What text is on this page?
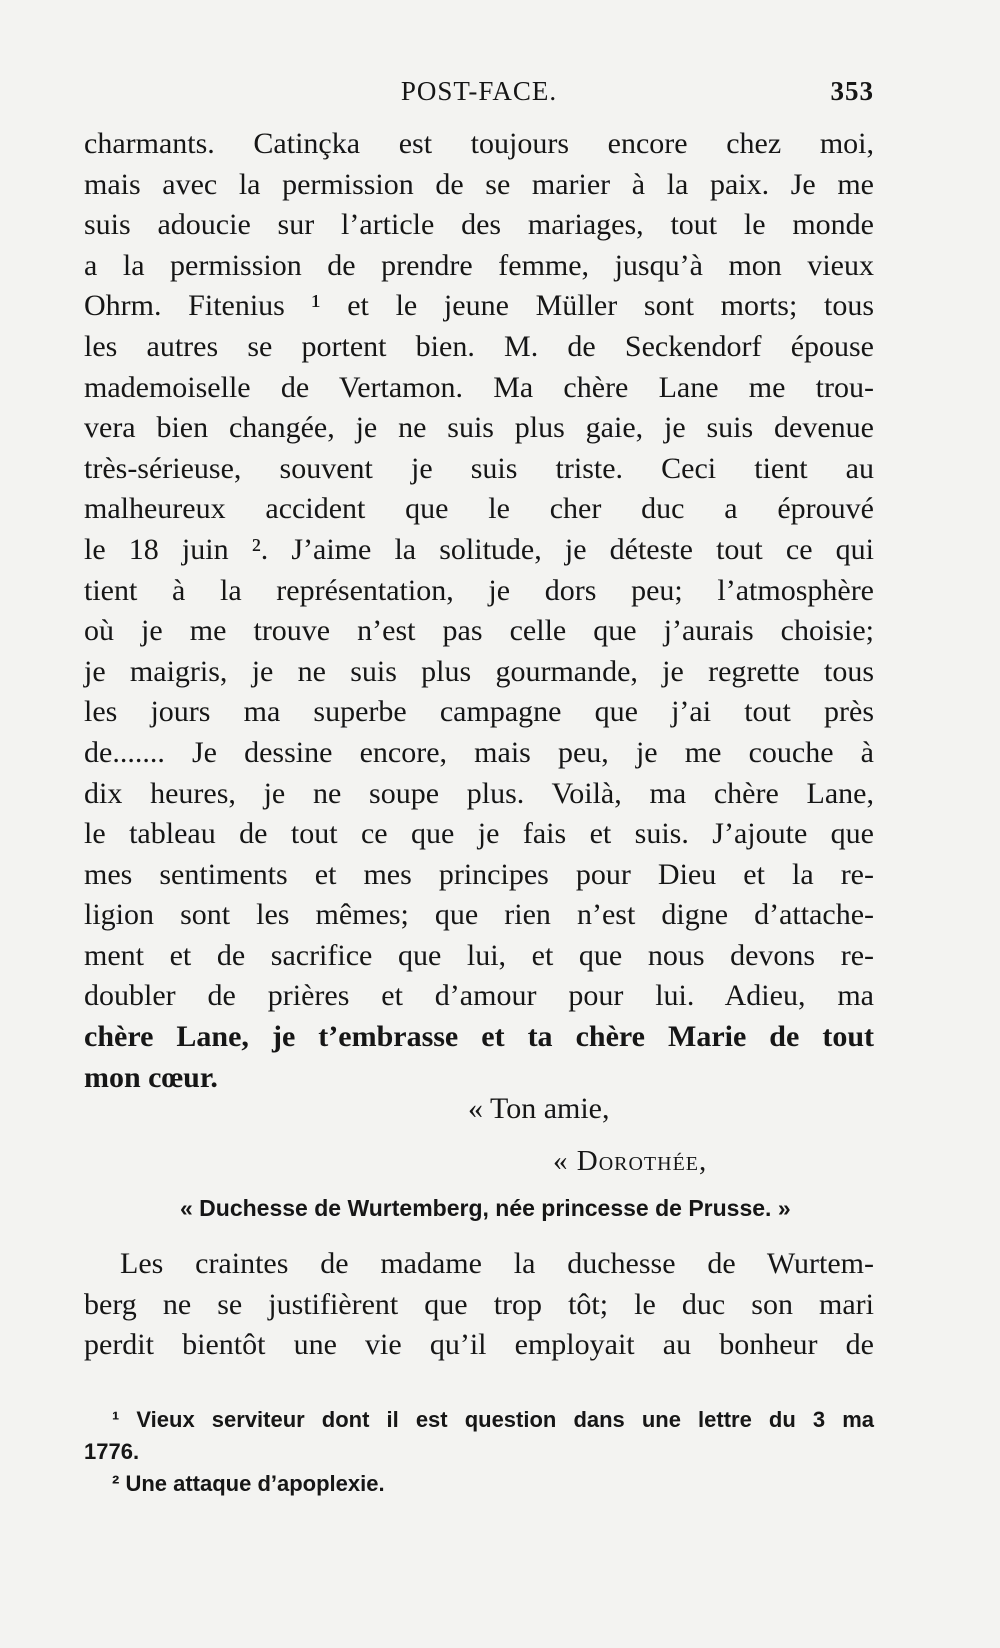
POST-FACE.	353
charmants. Catinçka est toujours encore chez moi,
mais avec la permission de se marier à la paix. Je me
suis adoucie sur l’article des mariages, tout le monde
a la permission de prendre femme, jusqu’à mon vieux
Ohrm. Fitenius ¹ et le jeune Müller sont morts; tous
les autres se portent bien. M. de Seckendorf épouse
mademoiselle de Vertamon. Ma chère Lane me trou-
vera bien changée, je ne suis plus gaie, je suis devenue
très-sérieuse, souvent je suis triste. Ceci tient au
malheureux accident que le cher duc a éprouvé
le 18 juin ². J’aime la solitude, je déteste tout ce qui
tient à la représentation, je dors peu; l’atmosphère
où je me trouve n’est pas celle que j’aurais choisie;
je maigris, je ne suis plus gourmande, je regrette tous
les jours ma superbe campagne que j’ai tout près
de....... Je dessine encore, mais peu, je me couche à
dix heures, je ne soupe plus. Voilà, ma chère Lane,
le tableau de tout ce que je fais et suis. J’ajoute que
mes sentiments et mes principes pour Dieu et la re-
ligion sont les mêmes; que rien n’est digne d’attache-
ment et de sacrifice que lui, et que nous devons re-
doubler de prières et d’amour pour lui. Adieu, ma
chère Lane, je t’embrasse et ta chère Marie de tout
mon cœur.
« Ton amie,
« Dorothée,
« Duchesse de Wurtemberg, née princesse de Prusse. »
Les craintes de madame la duchesse de Wurtem-
berg ne se justifièrent que trop tôt; le duc son mari
perdit bientôt une vie qu’il employait au bonheur de
¹ Vieux serviteur dont il est question dans une lettre du 3 ma
1776.
² Une attaque d’apoplexie.
